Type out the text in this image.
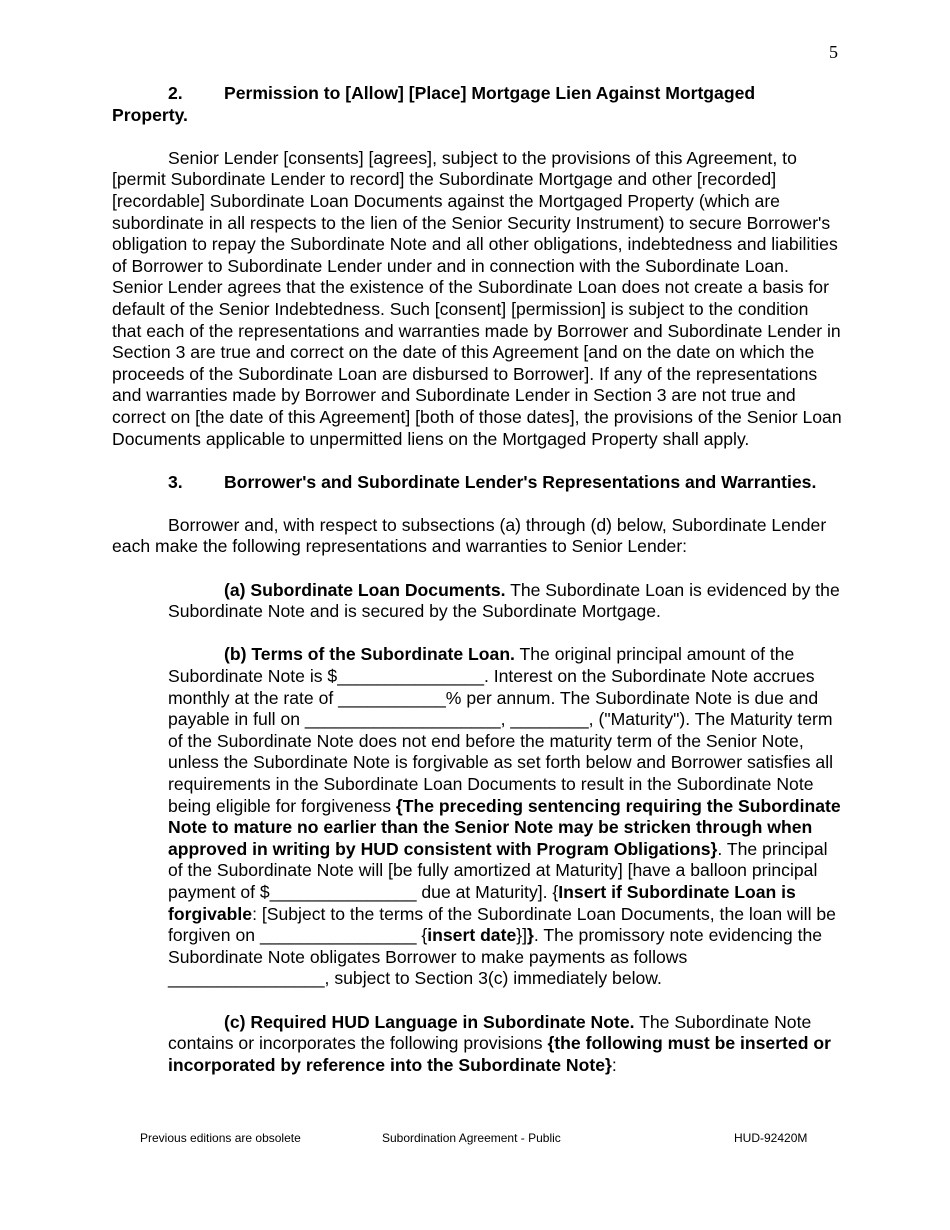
5

2. Permission to [Allow] [Place] Mortgage Lien Against Mortgaged
Property.

Senior Lender [consents] [agrees], subject to the provisions of this Agreement, to [permit Subordinate Lender to record] the Subordinate Mortgage and other [recorded] [recordable] Subordinate Loan Documents against the Mortgaged Property (which are subordinate in all respects to the lien of the Senior Security Instrument) to secure Borrower's obligation to repay the Subordinate Note and all other obligations, indebtedness and liabilities of Borrower to Subordinate Lender under and in connection with the Subordinate Loan. Senior Lender agrees that the existence of the Subordinate Loan does not create a basis for default of the Senior Indebtedness. Such [consent] [permission] is subject to the condition that each of the representations and warranties made by Borrower and Subordinate Lender in Section 3 are true and correct on the date of this Agreement [and on the date on which the proceeds of the Subordinate Loan are disbursed to Borrower]. If any of the representations and warranties made by Borrower and Subordinate Lender in Section 3 are not true and correct on [the date of this Agreement] [both of those dates], the provisions of the Senior Loan Documents applicable to unpermitted liens on the Mortgaged Property shall apply.

3. Borrower's and Subordinate Lender's Representations and Warranties.

Borrower and, with respect to subsections (a) through (d) below, Subordinate Lender each make the following representations and warranties to Senior Lender:

(a) Subordinate Loan Documents. The Subordinate Loan is evidenced by the Subordinate Note and is secured by the Subordinate Mortgage.

(b) Terms of the Subordinate Loan. The original principal amount of the Subordinate Note is $_______________. Interest on the Subordinate Note accrues monthly at the rate of ___________% per annum. The Subordinate Note is due and payable in full on ____________________, ________, ("Maturity"). The Maturity term of the Subordinate Note does not end before the maturity term of the Senior Note, unless the Subordinate Note is forgivable as set forth below and Borrower satisfies all requirements in the Subordinate Loan Documents to result in the Subordinate Note being eligible for forgiveness {The preceding sentencing requiring the Subordinate Note to mature no earlier than the Senior Note may be stricken through when approved in writing by HUD consistent with Program Obligations}. The principal of the Subordinate Note will [be fully amortized at Maturity] [have a balloon principal payment of $_______________ due at Maturity]. {Insert if Subordinate Loan is forgivable: [Subject to the terms of the Subordinate Loan Documents, the loan will be forgiven on ________________ {insert date}]}. The promissory note evidencing the Subordinate Note obligates Borrower to make payments as follows ________________, subject to Section 3(c) immediately below.

(c) Required HUD Language in Subordinate Note. The Subordinate Note contains or incorporates the following provisions {the following must be inserted or incorporated by reference into the Subordinate Note}:

Previous editions are obsolete	Subordination Agreement - Public	HUD-92420M
